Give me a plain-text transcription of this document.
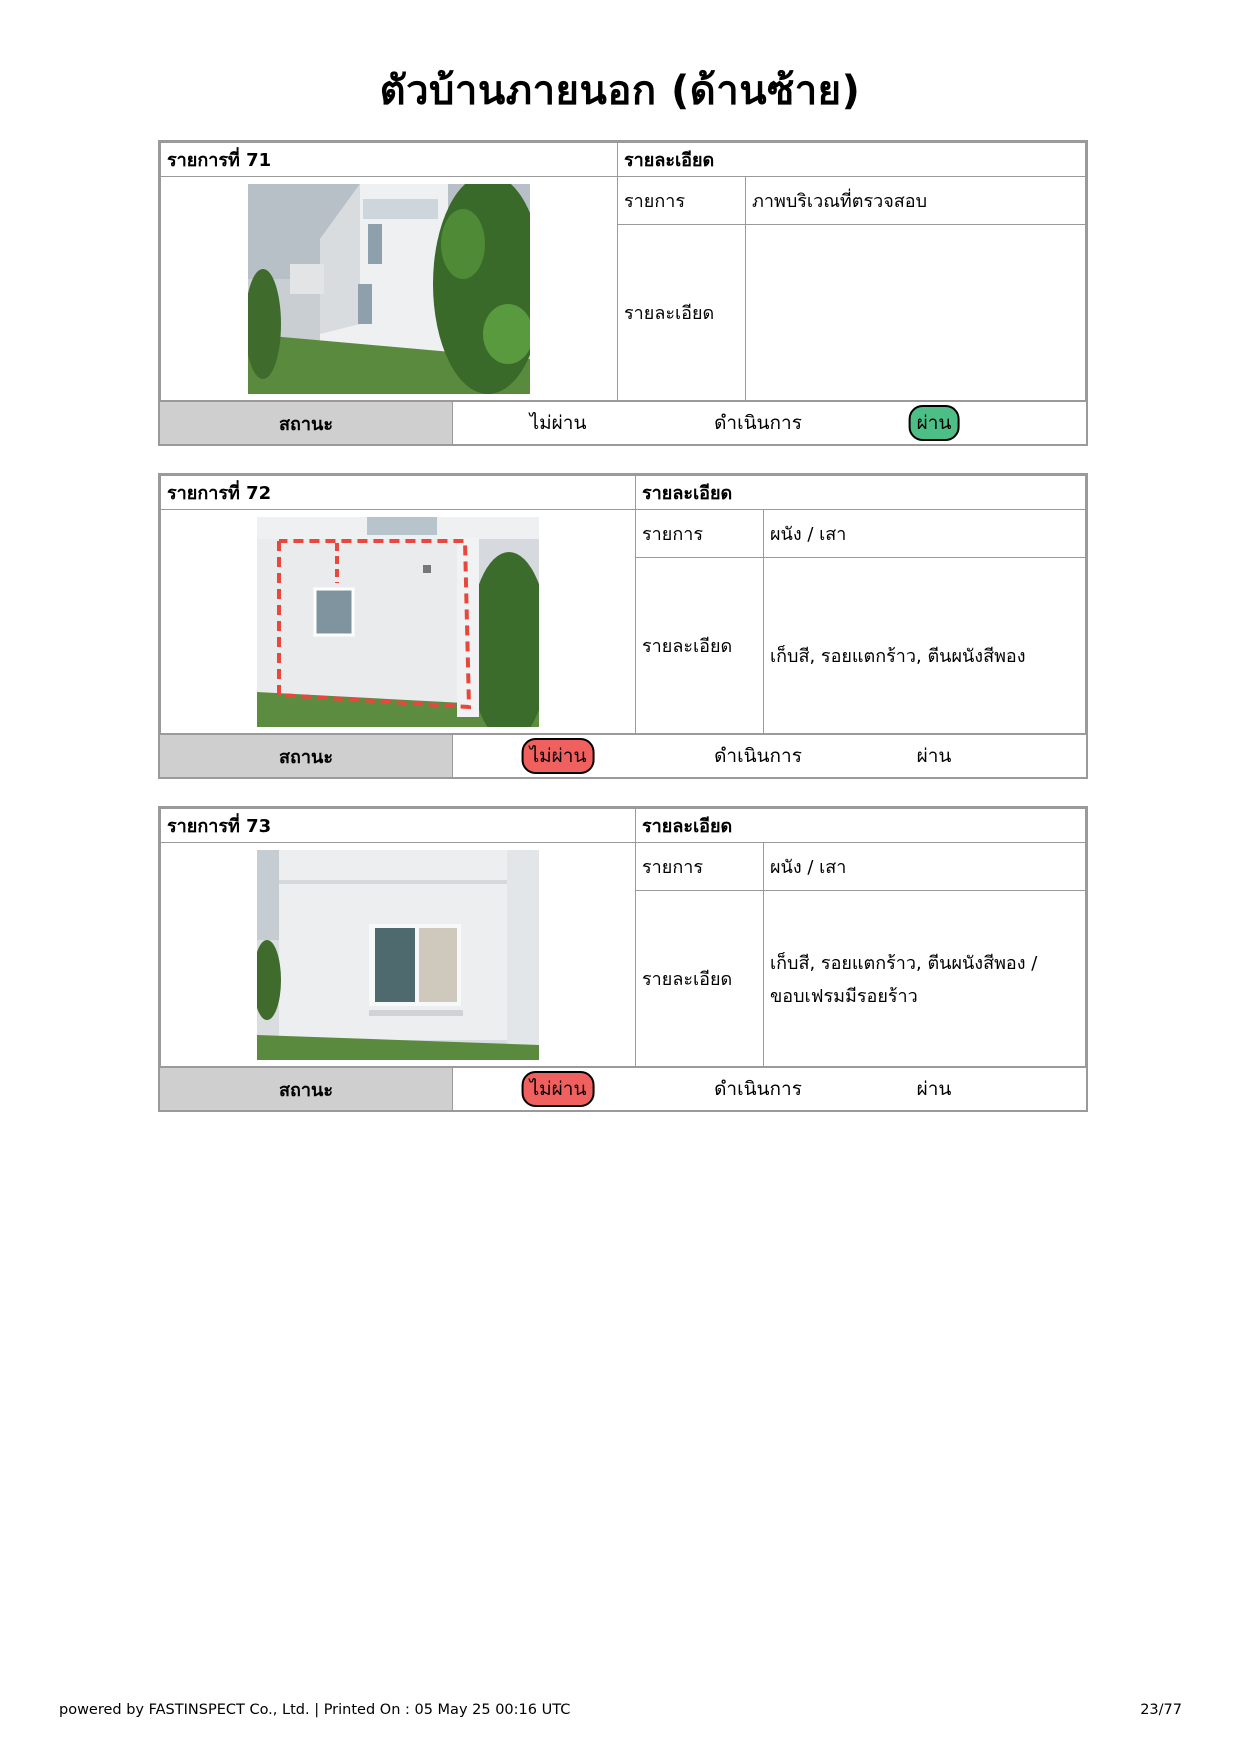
ตัวบ้านภายนอก (ด้านซ้าย)
รายการที่ 71	รายละเอียด	
	รายการ	ภาพบริเวณที่ตรวจสอบ
	รายละเอียด	
สถานะ	ไม่ผ่าน	ดำเนินการ	ผ่าน
รายการที่ 72	รายละเอียด	
	รายการ	ผนัง / เสา
	รายละเอียด	เก็บสี, รอยแตกร้าว, ตีนผนังสีพอง
สถานะ	ไม่ผ่าน	ดำเนินการ	ผ่าน
รายการที่ 73	รายละเอียด	
	รายการ	ผนัง / เสา
	รายละเอียด	เก็บสี, รอยแตกร้าว, ตีนผนังสีพอง /
ขอบเฟรมมีรอยร้าว
สถานะ	ไม่ผ่าน	ดำเนินการ	ผ่าน
powered by FASTINSPECT Co., Ltd. | Printed On : 05 May 25 00:16 UTC	23/77
